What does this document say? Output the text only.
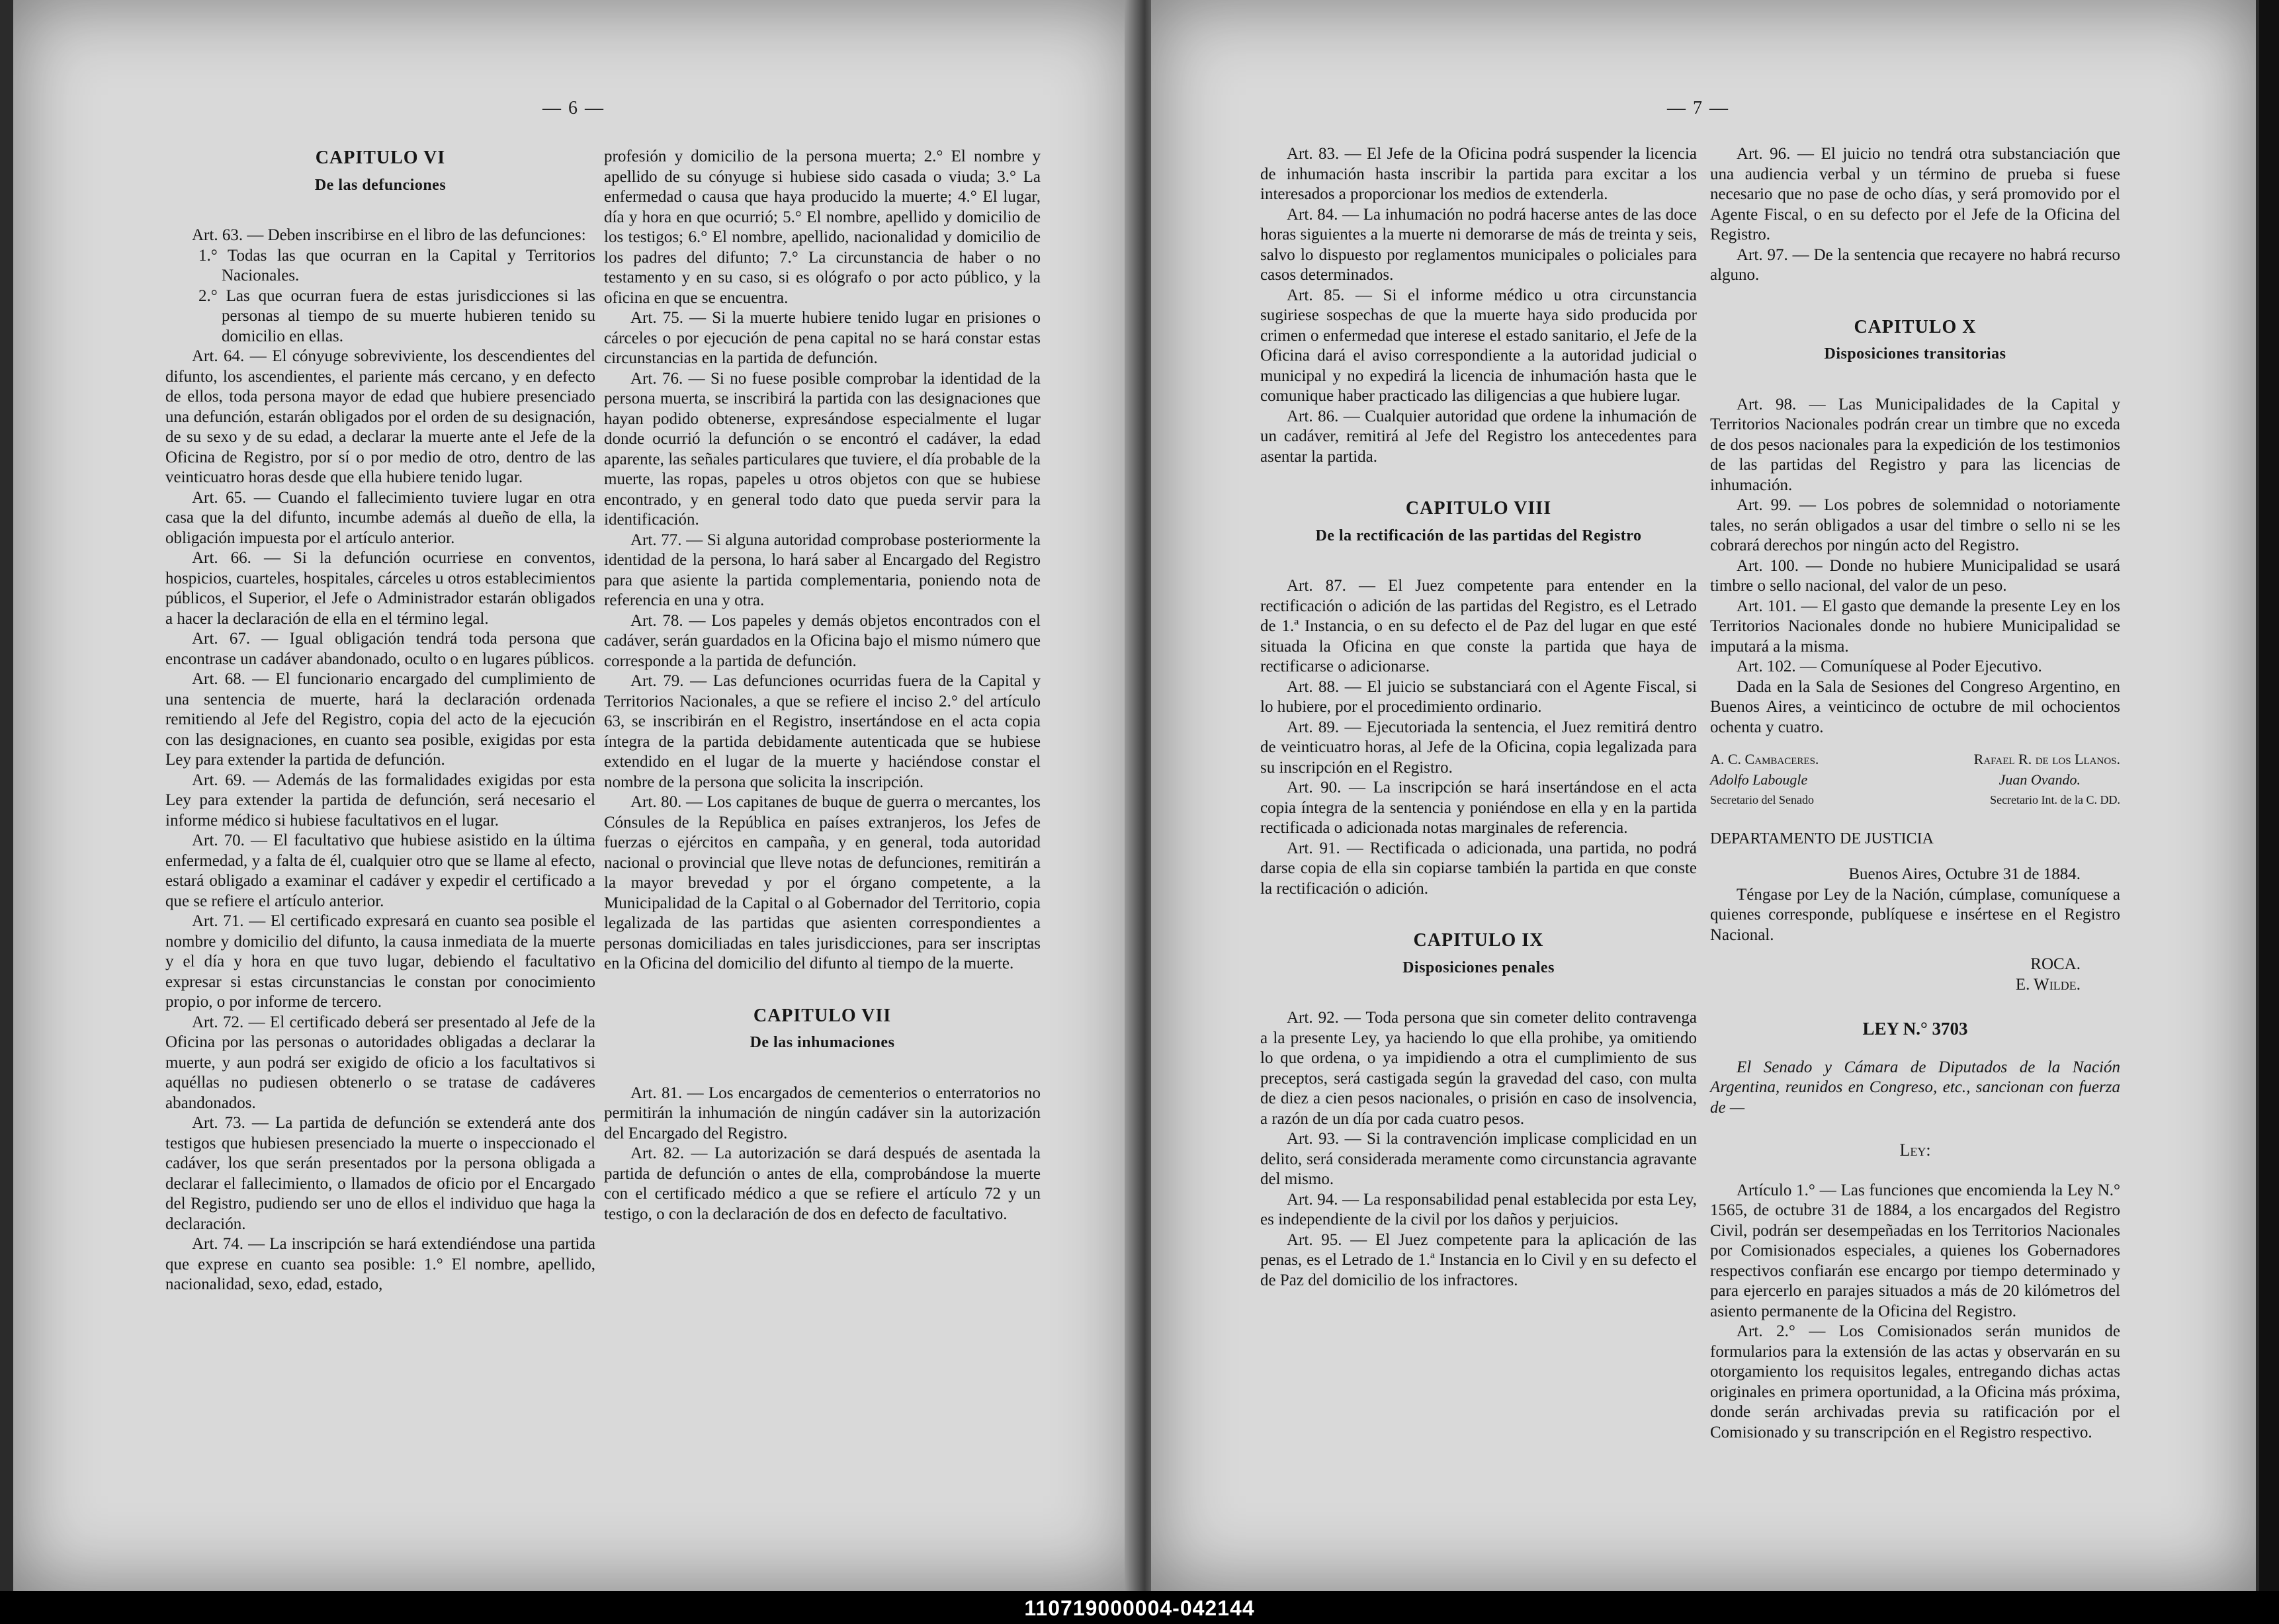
— 6 —
CAPITULO VI
De las defunciones

Art. 63. — Deben inscribirse en el libro de las defunciones:

1.° Todas las que ocurran en la Capital y Territorios Nacionales.

2.° Las que ocurran fuera de estas jurisdicciones si las personas al tiempo de su muerte hubieren tenido su domicilio en ellas.

Art. 64. — El cónyuge sobreviviente, los descendientes del difunto, los ascendientes, el pariente más cercano, y en defecto de ellos, toda persona mayor de edad que hubiere presenciado una defunción, estarán obligados por el orden de su designación, de su sexo y de su edad, a declarar la muerte ante el Jefe de la Oficina de Registro, por sí o por medio de otro, dentro de las veinticuatro horas desde que ella hubiere tenido lugar.

Art. 65. — Cuando el fallecimiento tuviere lugar en otra casa que la del difunto, incumbe además al dueño de ella, la obligación impuesta por el artículo anterior.

Art. 66. — Si la defunción ocurriese en conventos, hospicios, cuarteles, hospitales, cárceles u otros establecimientos públicos, el Superior, el Jefe o Administrador estarán obligados a hacer la declaración de ella en el término legal.

Art. 67. — Igual obligación tendrá toda persona que encontrase un cadáver abandonado, oculto o en lugares públicos.

Art. 68. — El funcionario encargado del cumplimiento de una sentencia de muerte, hará la declaración ordenada remitiendo al Jefe del Registro, copia del acto de la ejecución con las designaciones, en cuanto sea posible, exigidas por esta Ley para extender la partida de defunción.

Art. 69. — Además de las formalidades exigidas por esta Ley para extender la partida de defunción, será necesario el informe médico si hubiese facultativos en el lugar.

Art. 70. — El facultativo que hubiese asistido en la última enfermedad, y a falta de él, cualquier otro que se llame al efecto, estará obligado a examinar el cadáver y expedir el certificado a que se refiere el artículo anterior.

Art. 71. — El certificado expresará en cuanto sea posible el nombre y domicilio del difunto, la causa inmediata de la muerte y el día y hora en que tuvo lugar, debiendo el facultativo expresar si estas circunstancias le constan por conocimiento propio, o por informe de tercero.

Art. 72. — El certificado deberá ser presentado al Jefe de la Oficina por las personas o autoridades obligadas a declarar la muerte, y aun podrá ser exigido de oficio a los facultativos si aquéllas no pudiesen obtenerlo o se tratase de cadáveres abandonados.

Art. 73. — La partida de defunción se extenderá ante dos testigos que hubiesen presenciado la muerte o inspeccionado el cadáver, los que serán presentados por la persona obligada a declarar el fallecimiento, o llamados de oficio por el Encargado del Registro, pudiendo ser uno de ellos el individuo que haga la declaración.

Art. 74. — La inscripción se hará extendiéndose una partida que exprese en cuanto sea posible: 1.° El nombre, apellido, nacionalidad, sexo, edad, estado,

profesión y domicilio de la persona muerta; 2.° El nombre y apellido de su cónyuge si hubiese sido casada o viuda; 3.° La enfermedad o causa que haya producido la muerte; 4.° El lugar, día y hora en que ocurrió; 5.° El nombre, apellido y domicilio de los testigos; 6.° El nombre, apellido, nacionalidad y domicilio de los padres del difunto; 7.° La circunstancia de haber o no testamento y en su caso, si es ológrafo o por acto público, y la oficina en que se encuentra.

Art. 75. — Si la muerte hubiere tenido lugar en prisiones o cárceles o por ejecución de pena capital no se hará constar estas circunstancias en la partida de defunción.

Art. 76. — Si no fuese posible comprobar la identidad de la persona muerta, se inscribirá la partida con las designaciones que hayan podido obtenerse, expresándose especialmente el lugar donde ocurrió la defunción o se encontró el cadáver, la edad aparente, las señales particulares que tuviere, el día probable de la muerte, las ropas, papeles u otros objetos con que se hubiese encontrado, y en general todo dato que pueda servir para la identificación.

Art. 77. — Si alguna autoridad comprobase posteriormente la identidad de la persona, lo hará saber al Encargado del Registro para que asiente la partida complementaria, poniendo nota de referencia en una y otra.

Art. 78. — Los papeles y demás objetos encontrados con el cadáver, serán guardados en la Oficina bajo el mismo número que corresponde a la partida de defunción.

Art. 79. — Las defunciones ocurridas fuera de la Capital y Territorios Nacionales, a que se refiere el inciso 2.° del artículo 63, se inscribirán en el Registro, insertándose en el acta copia íntegra de la partida debidamente autenticada que se hubiese extendido en el lugar de la muerte y haciéndose constar el nombre de la persona que solicita la inscripción.

Art. 80. — Los capitanes de buque de guerra o mercantes, los Cónsules de la República en países extranjeros, los Jefes de fuerzas o ejércitos en campaña, y en general, toda autoridad nacional o provincial que lleve notas de defunciones, remitirán a la mayor brevedad y por el órgano competente, a la Municipalidad de la Capital o al Gobernador del Territorio, copia legalizada de las partidas que asienten correspondientes a personas domiciliadas en tales jurisdicciones, para ser inscriptas en la Oficina del domicilio del difunto al tiempo de la muerte.

CAPITULO VII
De las inhumaciones

Art. 81. — Los encargados de cementerios o enterratorios no permitirán la inhumación de ningún cadáver sin la autorización del Encargado del Registro.

Art. 82. — La autorización se dará después de asentada la partida de defunción o antes de ella, comprobándose la muerte con el certificado médico a que se refiere el artículo 72 y un testigo, o con la declaración de dos en defecto de facultativo.

— 7 —

Art. 83. — El Jefe de la Oficina podrá suspender la licencia de inhumación hasta inscribir la partida para excitar a los interesados a proporcionar los medios de extenderla.

Art. 84. — La inhumación no podrá hacerse antes de las doce horas siguientes a la muerte ni demorarse de más de treinta y seis, salvo lo dispuesto por reglamentos municipales o policiales para casos determinados.

Art. 85. — Si el informe médico u otra circunstancia sugiriese sospechas de que la muerte haya sido producida por crimen o enfermedad que interese el estado sanitario, el Jefe de la Oficina dará el aviso correspondiente a la autoridad judicial o municipal y no expedirá la licencia de inhumación hasta que le comunique haber practicado las diligencias a que hubiere lugar.

Art. 86. — Cualquier autoridad que ordene la inhumación de un cadáver, remitirá al Jefe del Registro los antecedentes para asentar la partida.

CAPITULO VIII
De la rectificación de las partidas del Registro

Art. 87. — El Juez competente para entender en la rectificación o adición de las partidas del Registro, es el Letrado de 1.ª Instancia, o en su defecto el de Paz del lugar en que esté situada la Oficina en que conste la partida que haya de rectificarse o adicionarse.

Art. 88. — El juicio se substanciará con el Agente Fiscal, si lo hubiere, por el procedimiento ordinario.

Art. 89. — Ejecutoriada la sentencia, el Juez remitirá dentro de veinticuatro horas, al Jefe de la Oficina, copia legalizada para su inscripción en el Registro.

Art. 90. — La inscripción se hará insertándose en el acta copia íntegra de la sentencia y poniéndose en ella y en la partida rectificada o adicionada notas marginales de referencia.

Art. 91. — Rectificada o adicionada, una partida, no podrá darse copia de ella sin copiarse también la partida en que conste la rectificación o adición.

CAPITULO IX
Disposiciones penales

Art. 92. — Toda persona que sin cometer delito contravenga a la presente Ley, ya haciendo lo que ella prohibe, ya omitiendo lo que ordena, o ya impidiendo a otra el cumplimiento de sus preceptos, será castigada según la gravedad del caso, con multa de diez a cien pesos nacionales, o prisión en caso de insolvencia, a razón de un día por cada cuatro pesos.

Art. 93. — Si la contravención implicase complicidad en un delito, será considerada meramente como circunstancia agravante del mismo.

Art. 94. — La responsabilidad penal establecida por esta Ley, es independiente de la civil por los daños y perjuicios.

Art. 95. — El Juez competente para la aplicación de las penas, es el Letrado de 1.ª Instancia en lo Civil y en su defecto el de Paz del domicilio de los infractores.

Art. 96. — El juicio no tendrá otra substanciación que una audiencia verbal y un término de prueba si fuese necesario que no pase de ocho días, y será promovido por el Agente Fiscal, o en su defecto por el Jefe de la Oficina del Registro.

Art. 97. — De la sentencia que recayere no habrá recurso alguno.

CAPITULO X
Disposiciones transitorias

Art. 98. — Las Municipalidades de la Capital y Territorios Nacionales podrán crear un timbre que no exceda de dos pesos nacionales para la expedición de los testimonios de las partidas del Registro y para las licencias de inhumación.

Art. 99. — Los pobres de solemnidad o notoriamente tales, no serán obligados a usar del timbre o sello ni se les cobrará derechos por ningún acto del Registro.

Art. 100. — Donde no hubiere Municipalidad se usará timbre o sello nacional, del valor de un peso.

Art. 101. — El gasto que demande la presente Ley en los Territorios Nacionales donde no hubiere Municipalidad se imputará a la misma.

Art. 102. — Comuníquese al Poder Ejecutivo.

Dada en la Sala de Sesiones del Congreso Argentino, en Buenos Aires, a veinticinco de octubre de mil ochocientos ochenta y cuatro.

A. C. Cambaceres.	Rafael R. de los Llanos.
Adolfo Labougle	Juan Ovando.
Secretario del Senado	Secretario Int. de la C. DD.
DEPARTAMENTO DE JUSTICIA
Buenos Aires, Octubre 31 de 1884.

Téngase por Ley de la Nación, cúmplase, comuníquese a quienes corresponde, publíquese e insértese en el Registro Nacional.

ROCA.
E. Wilde.
LEY N.° 3703

El Senado y Cámara de Diputados de la Nación Argentina, reunidos en Congreso, etc., sancionan con fuerza de —

Ley:

Artículo 1.° — Las funciones que encomienda la Ley N.° 1565, de octubre 31 de 1884, a los encargados del Registro Civil, podrán ser desempeñadas en los Territorios Nacionales por Comisionados especiales, a quienes los Gobernadores respectivos confiarán ese encargo por tiempo determinado y para ejercerlo en parajes situados a más de 20 kilómetros del asiento permanente de la Oficina del Registro.

Art. 2.° — Los Comisionados serán munidos de formularios para la extensión de las actas y observarán en su otorgamiento los requisitos legales, entregando dichas actas originales en primera oportunidad, a la Oficina más próxima, donde serán archivadas previa su ratificación por el Comisionado y su transcripción en el Registro respectivo.

110719000004-042144
